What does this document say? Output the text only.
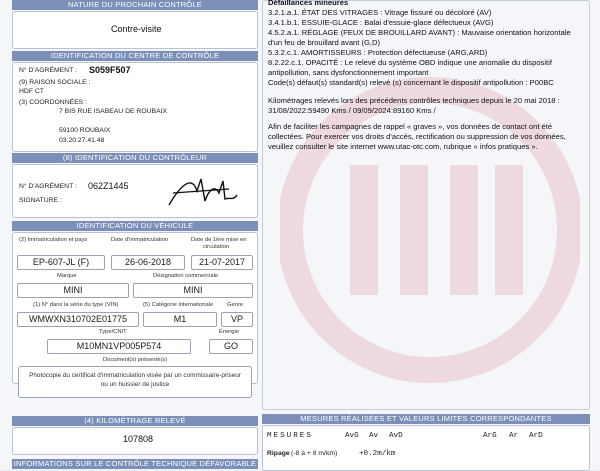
NATURE DU PROCHAIN CONTRÔLE
Contre-visite
IDENTIFICATION DU CENTRE DE CONTRÔLE
N° D'AGRÉMENT : S059F507
(9) RAISON SOCIALE :
HDF CT
(3) COORDONNÉES :
7 BIS RUE ISABEAU DE ROUBAIX
59100 ROUBAIX
03.20.27.41.48
(8) IDENTIFICATION DU CONTRÔLEUR
N° D'AGRÉMENT : 062Z1445
SIGNATURE :
IDENTIFICATION DU VÉHICULE
(2) Immatriculation et pays	Date d'immatriculation	Date de 1ère mise en
circulation
EP-607-JL (F)	26-06-2018	21-07-2017
Marque	Désignation commerciale
MINI	MINI
(1) N° dans la série du type (VIN)	(5) Catégorie internationale Genre
WMWXN310702E01775	M1	VP
Type/CNIT	Énergie
M10MN1VP005P574	GO
Document(s) présenté(s)
Photocopie du certificat d'immatriculation visée par un commissaire-priseur
ou un huissier de justice
(4) KILOMÉTRAGE RELEVÉ
107808
INFORMATIONS SUR LE CONTRÔLE TECHNIQUE DÉFAVORABLE
Défaillances mineures
3.2.1.a.1. ÉTAT DES VITRAGES : Vitrage fissuré ou décoloré (AV)
3.4.1.b.1. ESSUIE-GLACE : Balai d'essuie-glace défectueux (AVG)
4.5.2.a.1. RÉGLAGE (FEUX DE BROUILLARD AVANT) : Mauvaise orientation horizontale
d'un feu de brouillard avant (G,D)
5.3.2.c.1. AMORTISSEURS : Protection défectueuse (ARG,ARD)
8.2.22.c.1. OPACITÉ : Le relevé du système OBD indique une anomalie du dispositif
antipollution, sans dysfonctionnement important
Code(s) défaut(s) standard(s) relevé (s) concernant le dispositif antipollution : P00BC
Kilométrages relevés lors des précédents contrôles techniques depuis le 20 mai 2018 :
31/08/2022:59490 Kms / 09/09/2024:89160 Kms /
Afin de faciliter les campagnes de rappel « graves », vos données de contact ont été
collectées. Pour exercer vos droits d'accès, rectification ou suppression de vos données,
veuillez consulter le site internet www.utac-otc.com, rubrique « infos pratiques ».
MESURES RÉALISÉES ET VALEURS LIMITES CORRESPONDANTES
MESURES	AvG Av AvD	ArG Ar ArD
Ripage (-8 à + 8 m/km)	+0.2m/km
